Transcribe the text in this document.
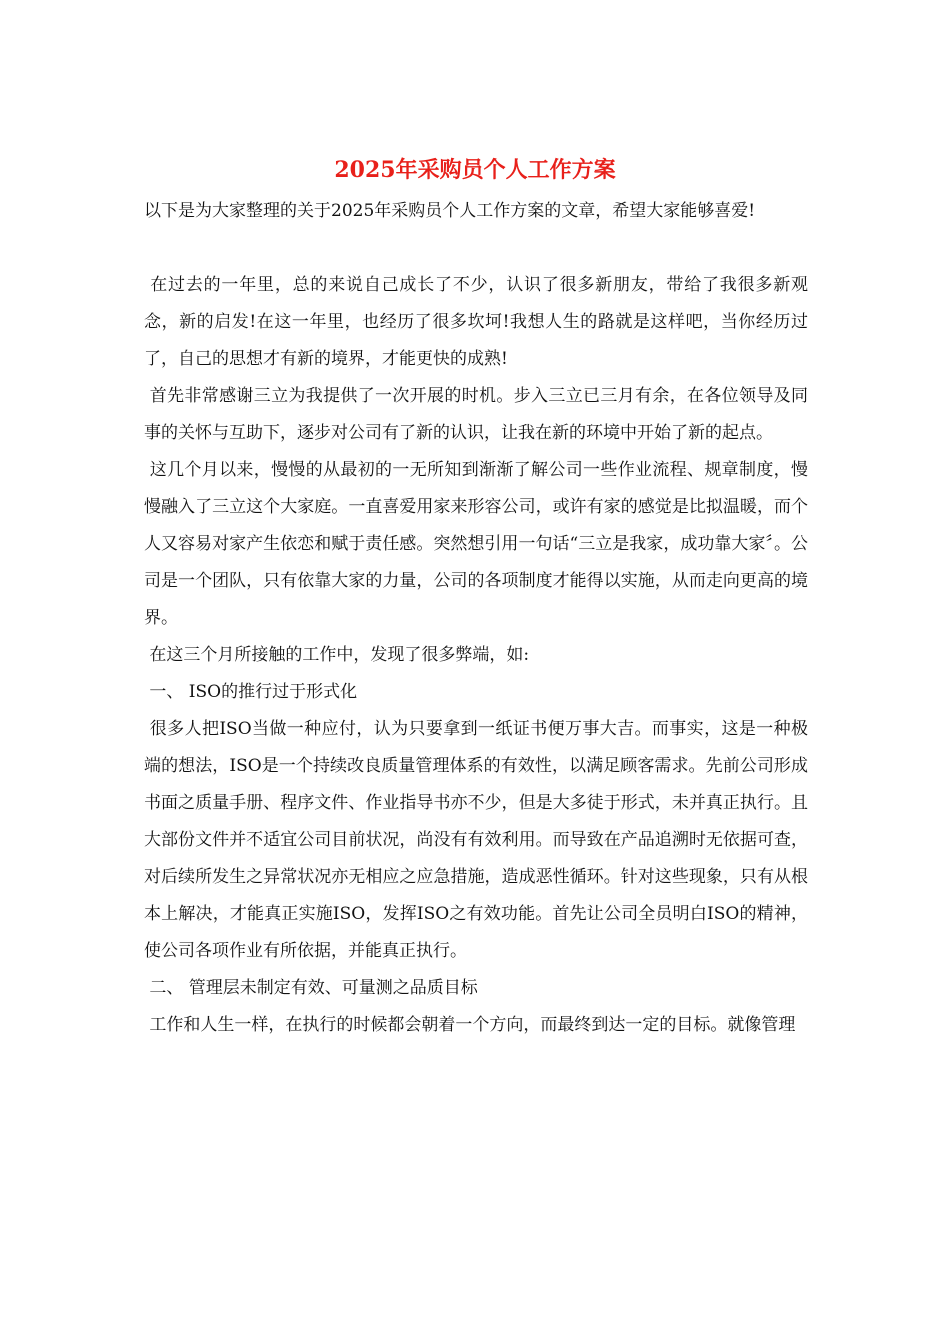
2025年采购员个人工作方案

以下是为大家整理的关于2025年采购员个人工作方案的文章，希望大家能够喜爱!

在过去的一年里，总的来说自己成长了不少，认识了很多新朋友，带给了我很多新观念，新的启发!在这一年里，也经历了很多坎坷!我想人生的路就是这样吧，当你经历过了，自己的思想才有新的境界，才能更快的成熟!

首先非常感谢三立为我提供了一次开展的时机。步入三立已三月有余，在各位领导及同事的关怀与互助下，逐步对公司有了新的认识，让我在新的环境中开始了新的起点。

这几个月以来，慢慢的从最初的一无所知到渐渐了解公司一些作业流程、规章制度，慢慢融入了三立这个大家庭。一直喜爱用家来形容公司，或许有家的感觉是比拟温暖，而个人又容易对家产生依恋和赋于责任感。突然想引用一句话“三立是我家，成功靠大家〞。公司是一个团队，只有依靠大家的力量，公司的各项制度才能得以实施，从而走向更高的境界。

在这三个月所接触的工作中，发现了很多弊端，如:

一、 ISO的推行过于形式化

很多人把ISO当做一种应付，认为只要拿到一纸证书便万事大吉。而事实，这是一种极端的想法，ISO是一个持续改良质量管理体系的有效性，以满足顾客需求。先前公司形成书面之质量手册、程序文件、作业指导书亦不少，但是大多徒于形式，未并真正执行。且大部份文件并不适宜公司目前状况，尚没有有效利用。而导致在产品追溯时无依据可查，对后续所发生之异常状况亦无相应之应急措施，造成恶性循环。针对这些现象，只有从根本上解决，才能真正实施ISO，发挥ISO之有效功能。首先让公司全员明白ISO的精神，使公司各项作业有所依据，并能真正执行。

二、 管理层未制定有效、可量测之品质目标

工作和人生一样，在执行的时候都会朝着一个方向，而最终到达一定的目标。就像管理
